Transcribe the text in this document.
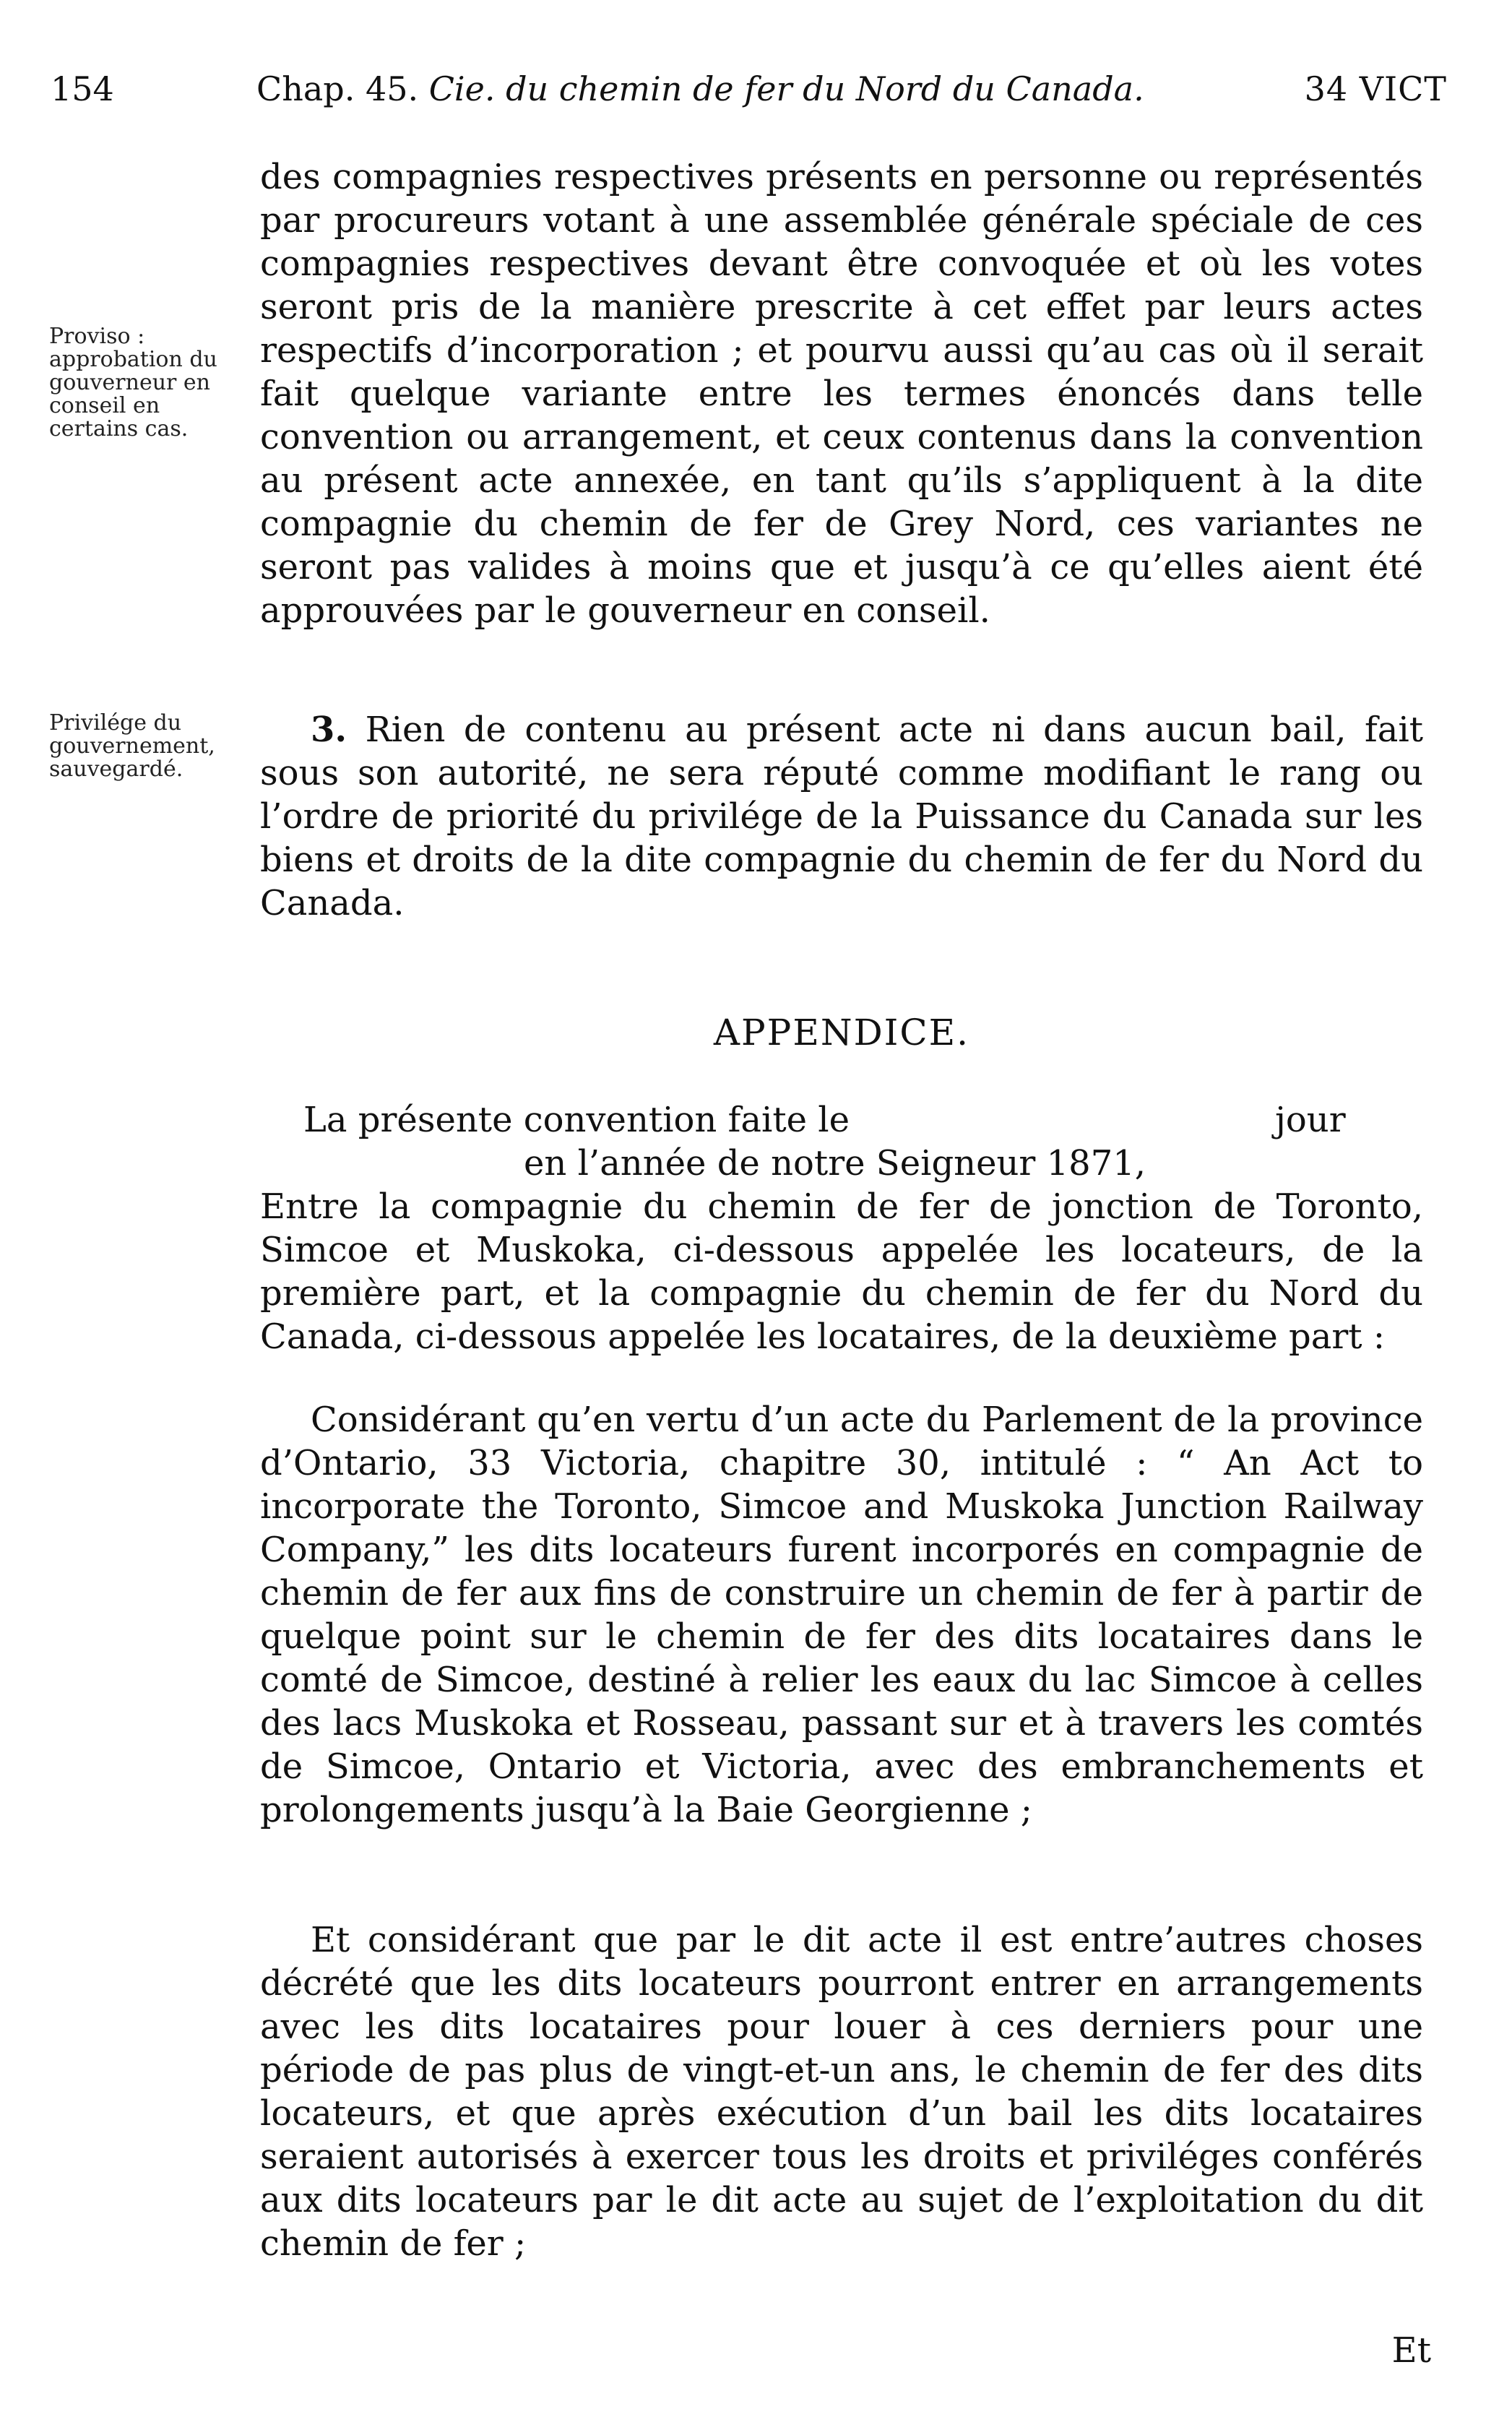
154	Chap. 45. Cie. du chemin de fer du Nord du Canada.	34 VICT

des compagnies respectives présents en personne ou représentés par procureurs votant à une assemblée générale spéciale de ces compagnies respectives devant être convoquée et où les votes seront pris de la manière prescrite à cet effet par leurs actes respectifs d’incorporation ; et pourvu aussi qu’au cas où il serait fait quelque variante entre les termes énoncés dans telle convention ou arrangement, et ceux contenus dans la convention au présent acte annexée, en tant qu’ils s’appliquent à la dite compagnie du chemin de fer de Grey Nord, ces variantes ne seront pas valides à moins que et jusqu’à ce qu’elles aient été approuvées par le gouverneur en conseil.

Proviso : approbation du gouverneur en conseil en certains cas.
Privilége du gouvernement, sauvegardé.

3. Rien de contenu au présent acte ni dans aucun bail, fait sous son autorité, ne sera réputé comme modifiant le rang ou l’ordre de priorité du privilége de la Puissance du Canada sur les biens et droits de la dite compagnie du chemin de fer du Nord du Canada.

APPENDICE.
La présente convention faite le	jour
en l’année de notre Seigneur 1871,

Entre la compagnie du chemin de fer de jonction de Toronto, Simcoe et Muskoka, ci-dessous appelée les locateurs, de la première part, et la compagnie du chemin de fer du Nord du Canada, ci-dessous appelée les locataires, de la deuxième part :

Considérant qu’en vertu d’un acte du Parlement de la province d’Ontario, 33 Victoria, chapitre 30, intitulé : “ An Act to incorporate the Toronto, Simcoe and Muskoka Junction Railway Company,” les dits locateurs furent incorporés en compagnie de chemin de fer aux fins de construire un chemin de fer à partir de quelque point sur le chemin de fer des dits locataires dans le comté de Simcoe, destiné à relier les eaux du lac Simcoe à celles des lacs Muskoka et Rosseau, passant sur et à travers les comtés de Simcoe, Ontario et Victoria, avec des embranchements et prolongements jusqu’à la Baie Georgienne ;

Et considérant que par le dit acte il est entre’autres choses décrété que les dits locateurs pourront entrer en arrangements avec les dits locataires pour louer à ces derniers pour une période de pas plus de vingt-et-un ans, le chemin de fer des dits locateurs, et que après exécution d’un bail les dits locataires seraient autorisés à exercer tous les droits et priviléges conférés aux dits locateurs par le dit acte au sujet de l’exploitation du dit chemin de fer ;

Et
